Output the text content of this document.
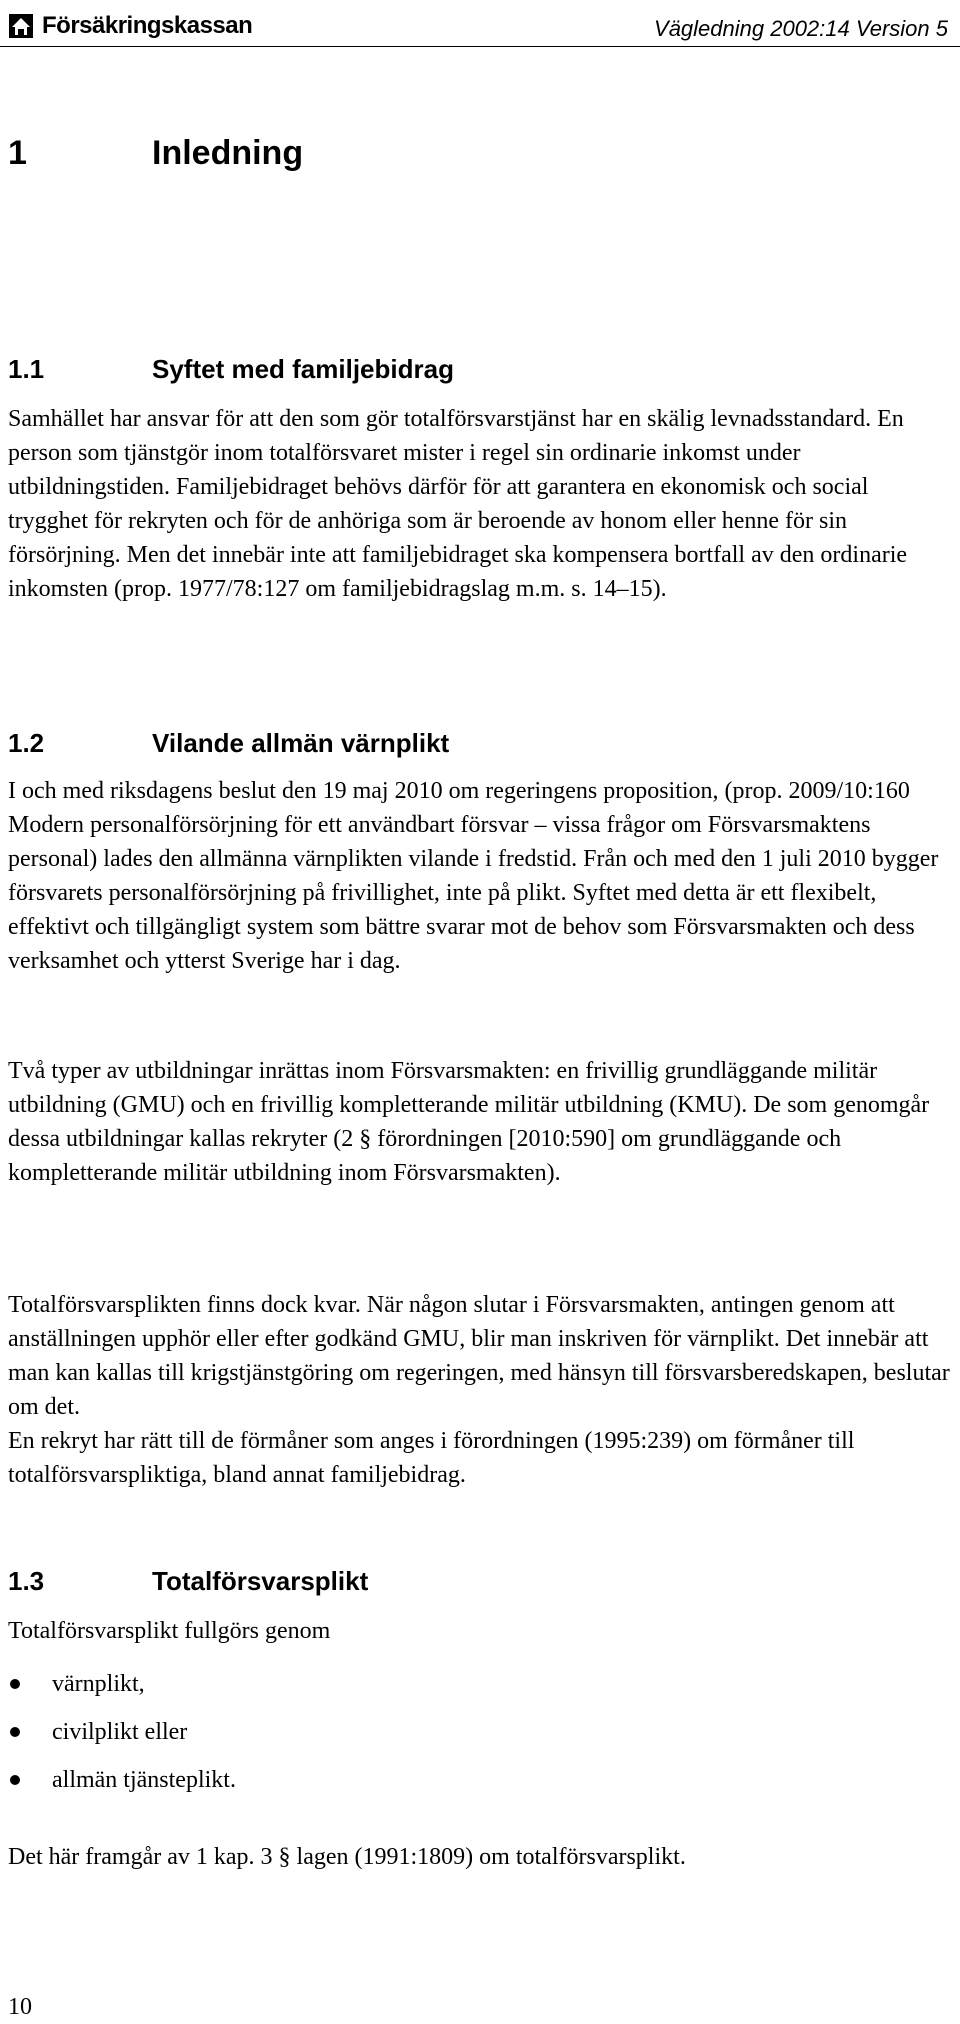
Försäkringskassan	Vägledning 2002:14 Version 5
1	Inledning
1.1	Syftet med familjebidrag

Samhället har ansvar för att den som gör totalförsvarstjänst har en skälig levnadsstandard. En person som tjänstgör inom totalförsvaret mister i regel sin ordinarie inkomst under utbildningstiden. Familjebidraget behövs därför för att garantera en ekonomisk och social trygghet för rekryten och för de anhöriga som är beroende av honom eller henne för sin försörjning. Men det innebär inte att familjebidraget ska kompensera bortfall av den ordinarie inkomsten (prop. 1977/78:127 om familjebidragslag m.m. s. 14–15).

1.2	Vilande allmän värnplikt

I och med riksdagens beslut den 19 maj 2010 om regeringens proposition, (prop. 2009/10:160 Modern personalförsörjning för ett användbart försvar – vissa frågor om Försvarsmaktens personal) lades den allmänna värnplikten vilande i fredstid. Från och med den 1 juli 2010 bygger försvarets personalförsörjning på frivillighet, inte på plikt. Syftet med detta är ett flexibelt, effektivt och tillgängligt system som bättre svarar mot de behov som Försvarsmakten och dess verksamhet och ytterst Sverige har i dag.

Två typer av utbildningar inrättas inom Försvarsmakten: en frivillig grundläggande militär utbildning (GMU) och en frivillig kompletterande militär utbildning (KMU). De som genomgår dessa utbildningar kallas rekryter (2 § förordningen [2010:590] om grundläggande och kompletterande militär utbildning inom Försvarsmakten).

Totalförsvarsplikten finns dock kvar. När någon slutar i Försvarsmakten, antingen genom att anställningen upphör eller efter godkänd GMU, blir man inskriven för värnplikt. Det innebär att man kan kallas till krigstjänstgöring om regeringen, med hänsyn till försvarsberedskapen, beslutar om det.

En rekryt har rätt till de förmåner som anges i förordningen (1995:239) om förmåner till totalförsvarspliktiga, bland annat familjebidrag.

1.3	Totalförsvarsplikt

Totalförsvarsplikt fullgörs genom

värnplikt,
civilplikt eller
allmän tjänsteplikt.

Det här framgår av 1 kap. 3 § lagen (1991:1809) om totalförsvarsplikt.

10
